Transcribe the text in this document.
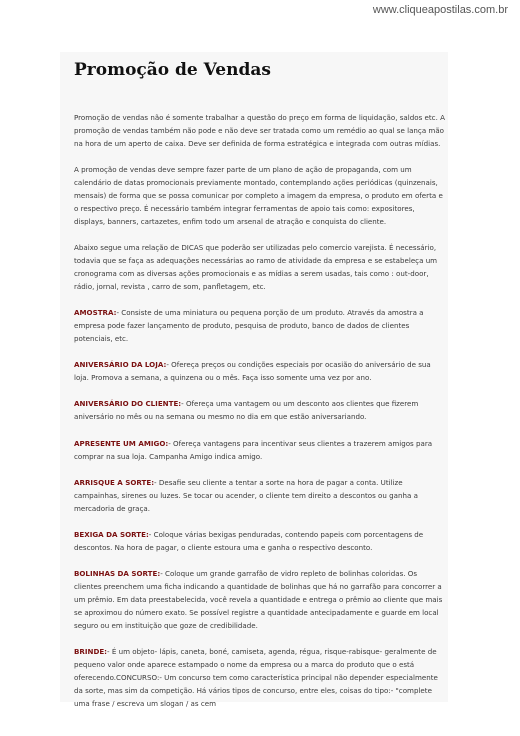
www.cliqueapostilas.com.br
Promoção de Vendas

Promoção de vendas não é somente trabalhar a questão do preço em forma de liquidação, saldos etc. A promoção de vendas também não pode e não deve ser tratada como um remédio ao qual se lança mão na hora de um aperto de caixa. Deve ser definida de forma estratégica e integrada com outras mídias.

A promoção de vendas deve sempre fazer parte de um plano de ação de propaganda, com um calendário de datas promocionais previamente montado, contemplando ações periódicas (quinzenais, mensais) de forma que se possa comunicar por completo a imagem da empresa, o produto em oferta e o respectivo preço. É necessário também integrar ferramentas de apoio tais como: expositores, displays, banners, cartazetes, enfim todo um arsenal de atração e conquista do cliente.

Abaixo segue uma relação de DICAS que poderão ser utilizadas pelo comercio varejista. É necessário, todavia que se faça as adequações necessárias ao ramo de atividade da empresa e se estabeleça um cronograma com as diversas ações promocionais e as mídias a serem usadas, tais como : out-door, rádio, jornal, revista , carro de som, panfletagem, etc.

AMOSTRA:- Consiste de uma miniatura ou pequena porção de um produto. Através da amostra a empresa pode fazer lançamento de produto, pesquisa de produto, banco de dados de clientes potenciais, etc.

ANIVERSÁRIO DA LOJA:- Ofereça preços ou condições especiais por ocasião do aniversário de sua loja. Promova a semana, a quinzena ou o mês. Faça isso somente uma vez por ano.

ANIVERSÁRIO DO CLIENTE:- Ofereça uma vantagem ou um desconto aos clientes que fizerem aniversário no mês ou na semana ou mesmo no dia em que estão aniversariando.

APRESENTE UM AMIGO:- Ofereça vantagens para incentivar seus clientes a trazerem amigos para comprar na sua loja. Campanha Amigo indica amigo.

ARRISQUE A SORTE:- Desafie seu cliente a tentar a sorte na hora de pagar a conta. Utilize campainhas, sirenes ou luzes. Se tocar ou acender, o cliente tem direito a descontos ou ganha a mercadoria de graça.

BEXIGA DA SORTE:- Coloque várias bexigas penduradas, contendo papeis com porcentagens de descontos. Na hora de pagar, o cliente estoura uma e ganha o respectivo desconto.

BOLINHAS DA SORTE:- Coloque um grande garrafão de vidro repleto de bolinhas coloridas. Os clientes preenchem uma ficha indicando a quantidade de bolinhas que há no garrafão para concorrer a um prêmio. Em data preestabelecida, você revela a quantidade e entrega o prêmio ao cliente que mais se aproximou do número exato. Se possível registre a quantidade antecipadamente e guarde em local seguro ou em instituição que goze de credibilidade.

BRINDE:- É um objeto- lápis, caneta, boné, camiseta, agenda, régua, risque-rabisque- geralmente de pequeno valor onde aparece estampado o nome da empresa ou a marca do produto que o está oferecendo.CONCURSO:- Um concurso tem como característica principal não depender especialmente da sorte, mas sim da competição. Há vários tipos de concurso, entre eles, coisas do tipo:- "complete uma frase / escreva um slogan / as cem
